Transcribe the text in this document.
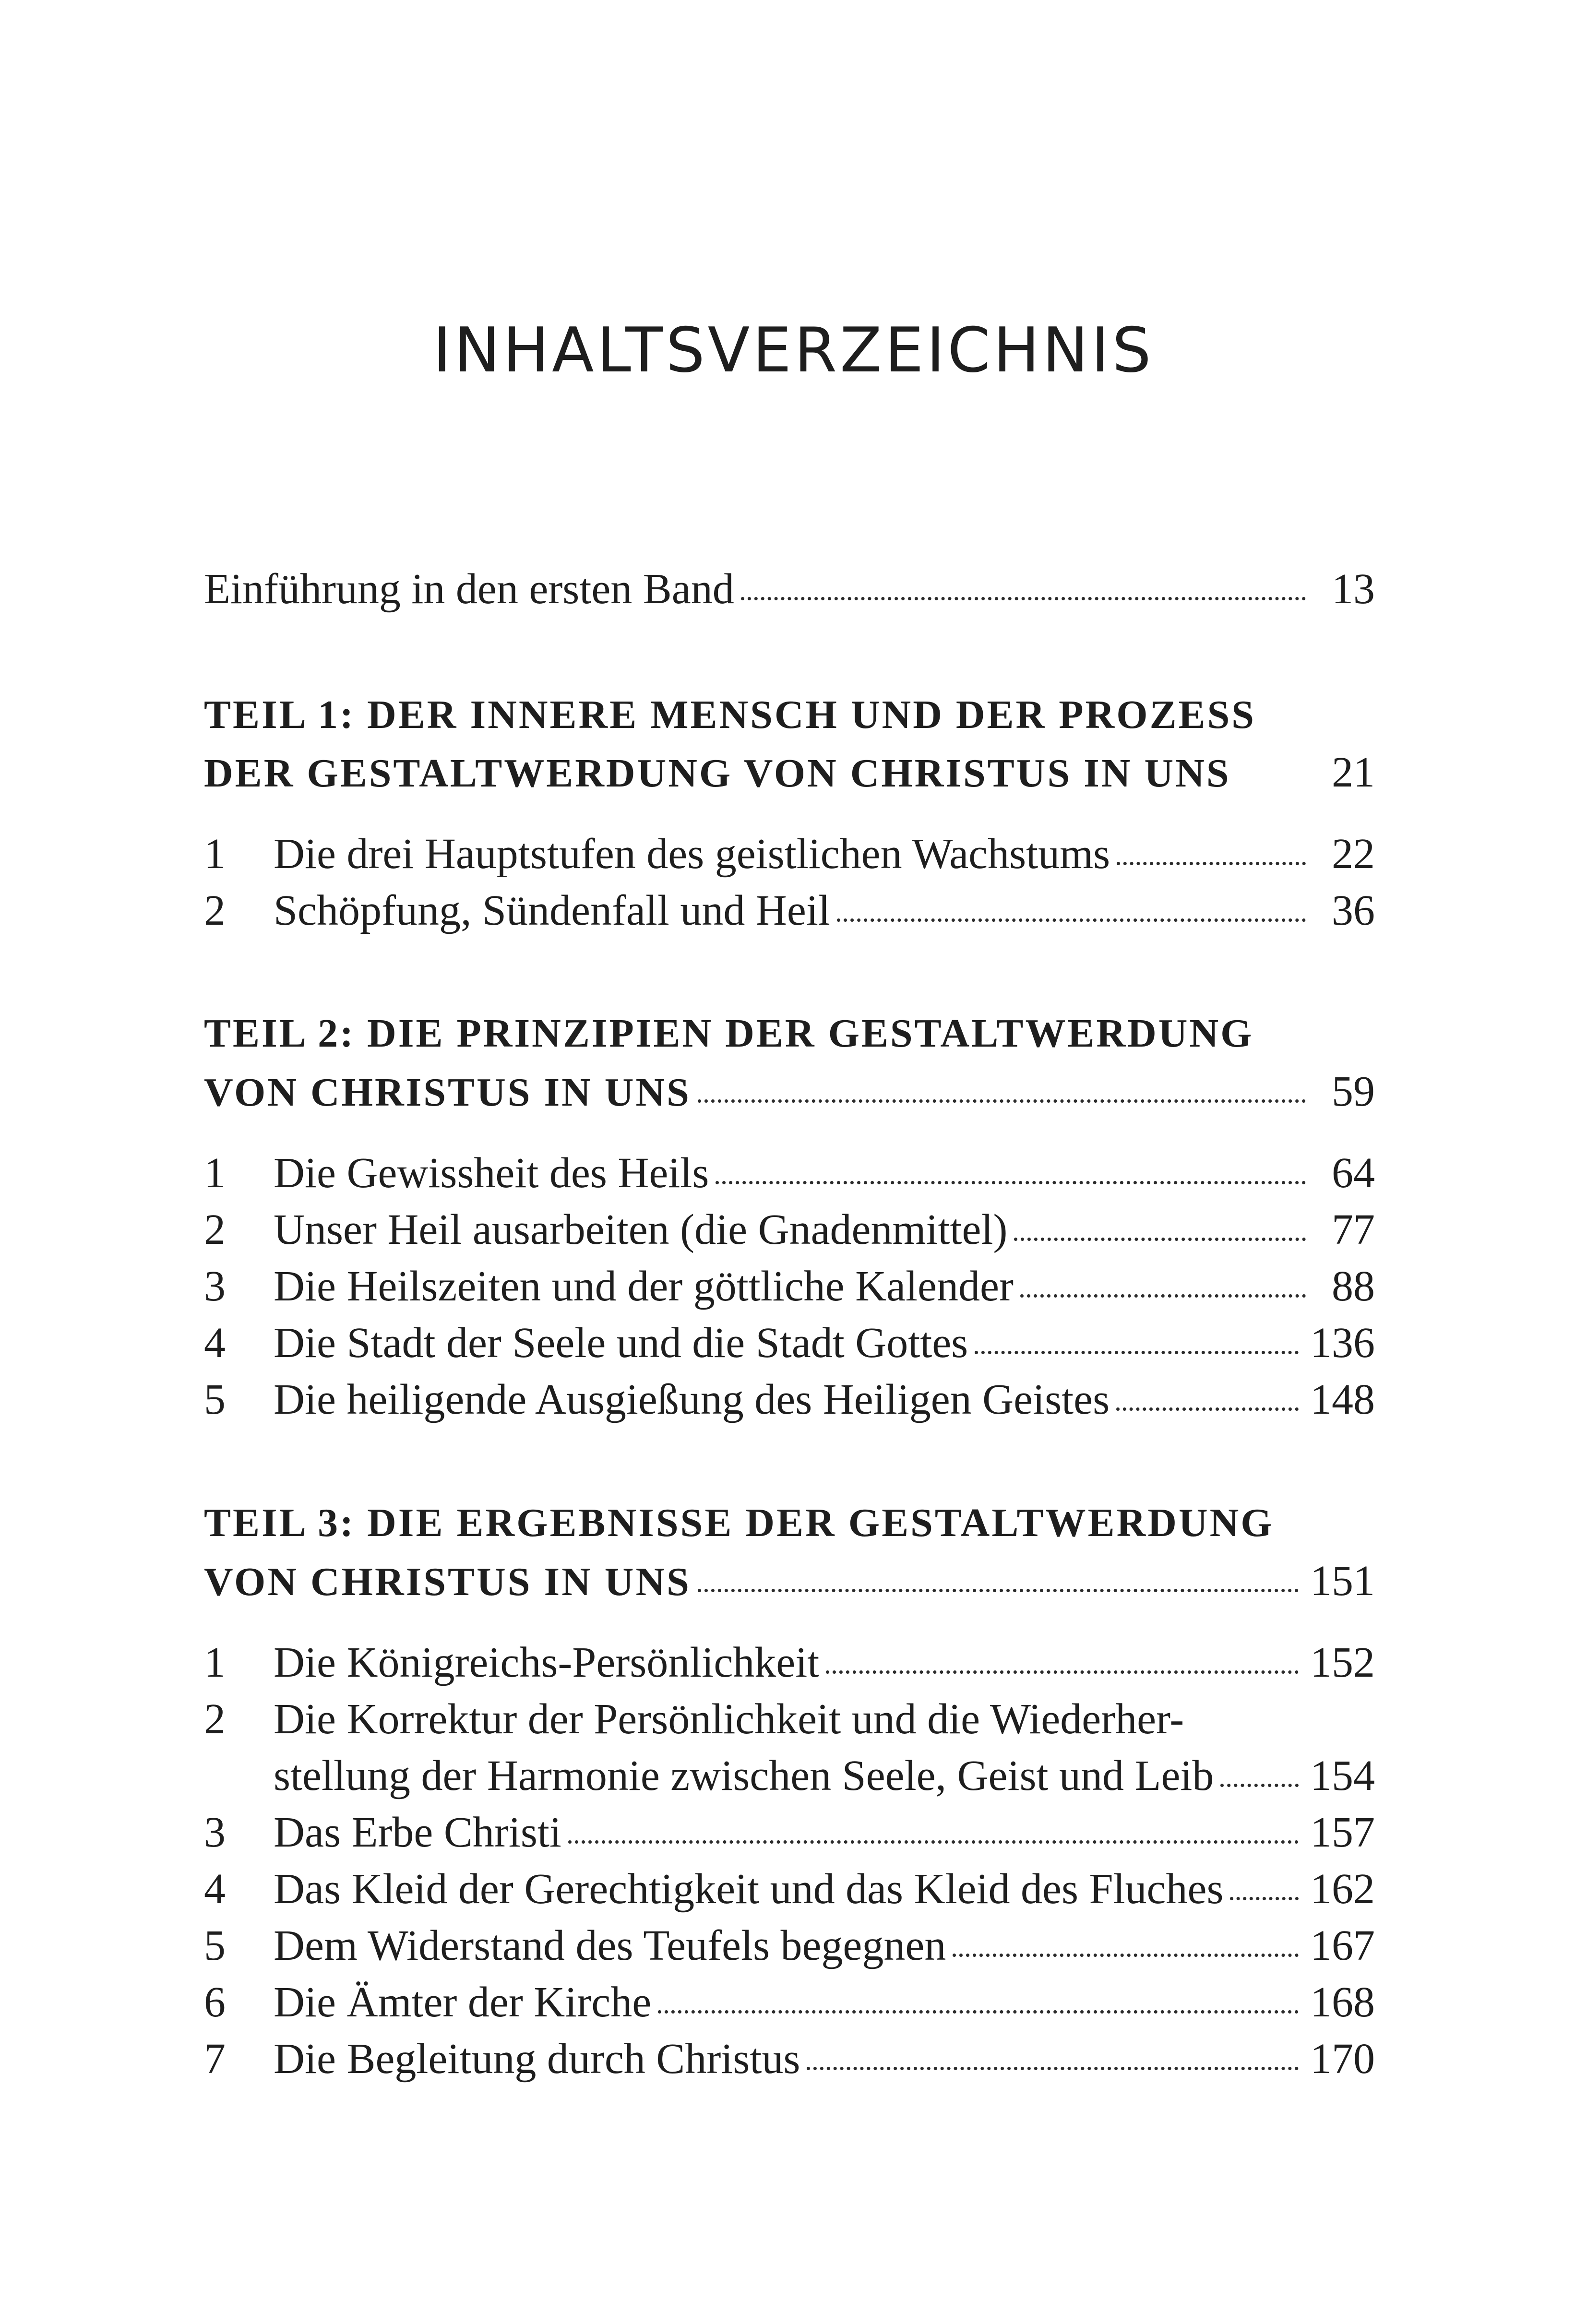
INHALTSVERZEICHNIS
Einführung in den ersten Band	13
TEIL 1: DER INNERE MENSCH UND DER PROZESS
DER GESTALTWERDUNG VON CHRISTUS IN UNS	21
1	Die drei Hauptstufen des geistlichen Wachstums	22
2	Schöpfung, Sündenfall und Heil	36
TEIL 2: DIE PRINZIPIEN DER GESTALTWERDUNG
VON CHRISTUS IN UNS	59
1	Die Gewissheit des Heils	64
2	Unser Heil ausarbeiten (die Gnadenmittel)	77
3	Die Heilszeiten und der göttliche Kalender	88
4	Die Stadt der Seele und die Stadt Gottes	136
5	Die heiligende Ausgießung des Heiligen Geistes	148
TEIL 3: DIE ERGEBNISSE DER GESTALTWERDUNG
VON CHRISTUS IN UNS	151
1	Die Königreichs-Persönlichkeit	152
2	Die Korrektur der Persönlichkeit und die Wiederher-
stellung der Harmonie zwischen Seele, Geist und Leib 154
3	Das Erbe Christi	157
4	Das Kleid der Gerechtigkeit und das Kleid des Fluches 162
5	Dem Widerstand des Teufels begegnen	167
6	Die Ämter der Kirche	168
7	Die Begleitung durch Christus	170
